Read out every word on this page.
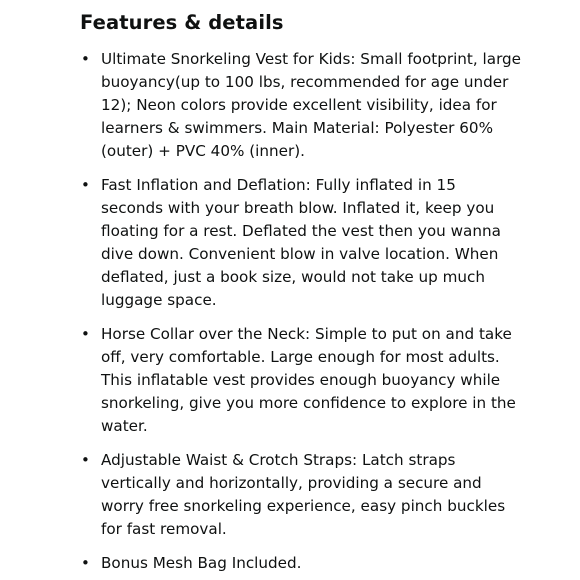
Features & details
• Ultimate Snorkeling Vest for Kids: Small footprint, large buoyancy(up to 100 lbs, recommended for age under 12); Neon colors provide excellent visibility, idea for learners & swimmers. Main Material: Polyester 60% (outer) + PVC 40% (inner).
• Fast Inflation and Deflation: Fully inflated in 15 seconds with your breath blow. Inflated it, keep you floating for a rest. Deflated the vest then you wanna dive down. Convenient blow in valve location. When deflated, just a book size, would not take up much luggage space.
• Horse Collar over the Neck: Simple to put on and take off, very comfortable. Large enough for most adults. This inflatable vest provides enough buoyancy while snorkeling, give you more confidence to explore in the water.
• Adjustable Waist & Crotch Straps: Latch straps vertically and horizontally, providing a secure and worry free snorkeling experience, easy pinch buckles for fast removal.
• Bonus Mesh Bag Included.
